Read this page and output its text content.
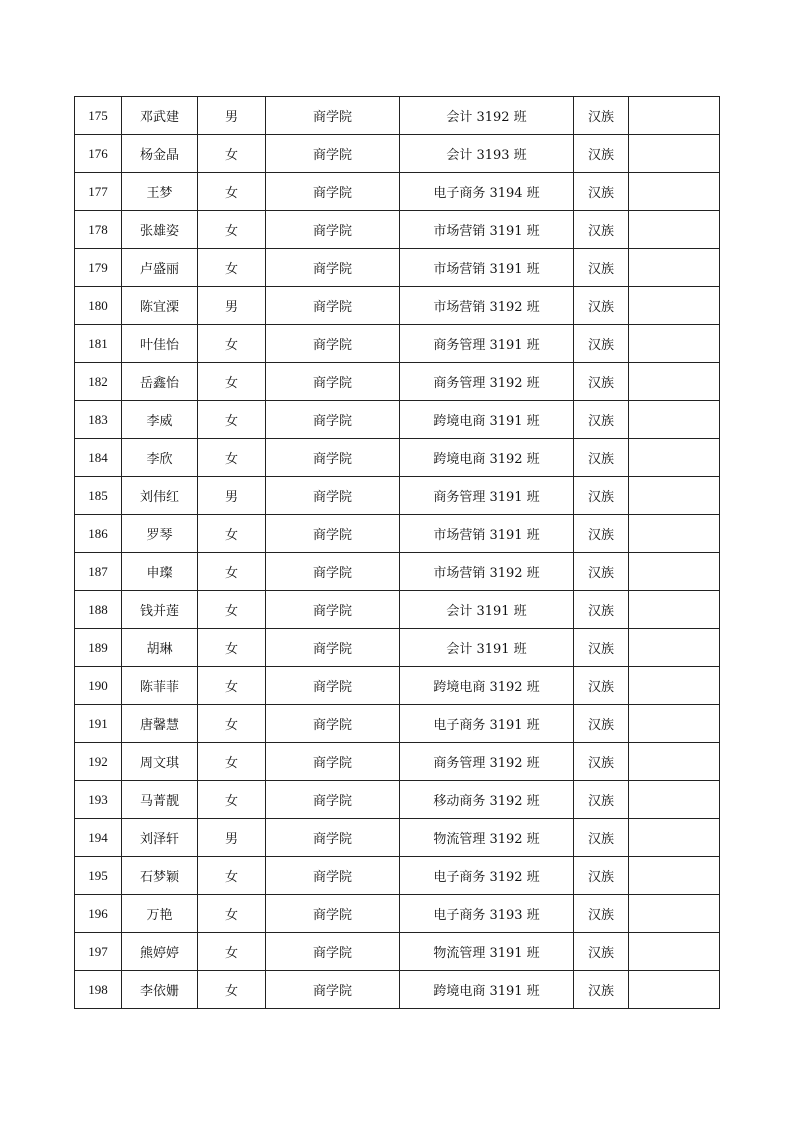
175	邓武建	男	商学院	会计 3192 班	汉族	
176	杨金晶	女	商学院	会计 3193 班	汉族	
177	王梦	女	商学院	电子商务 3194 班	汉族	
178	张雄姿	女	商学院	市场营销 3191 班	汉族	
179	卢盛丽	女	商学院	市场营销 3191 班	汉族	
180	陈宜溧	男	商学院	市场营销 3192 班	汉族	
181	叶佳怡	女	商学院	商务管理 3191 班	汉族	
182	岳鑫怡	女	商学院	商务管理 3192 班	汉族	
183	李威	女	商学院	跨境电商 3191 班	汉族	
184	李欣	女	商学院	跨境电商 3192 班	汉族	
185	刘伟红	男	商学院	商务管理 3191 班	汉族	
186	罗琴	女	商学院	市场营销 3191 班	汉族	
187	申璨	女	商学院	市场营销 3192 班	汉族	
188	钱并莲	女	商学院	会计 3191 班	汉族	
189	胡琳	女	商学院	会计 3191 班	汉族	
190	陈菲菲	女	商学院	跨境电商 3192 班	汉族	
191	唐馨慧	女	商学院	电子商务 3191 班	汉族	
192	周文琪	女	商学院	商务管理 3192 班	汉族	
193	马菁靓	女	商学院	移动商务 3192 班	汉族	
194	刘泽轩	男	商学院	物流管理 3192 班	汉族	
195	石梦颖	女	商学院	电子商务 3192 班	汉族	
196	万艳	女	商学院	电子商务 3193 班	汉族	
197	熊婷婷	女	商学院	物流管理 3191 班	汉族	
198	李依姗	女	商学院	跨境电商 3191 班	汉族	
